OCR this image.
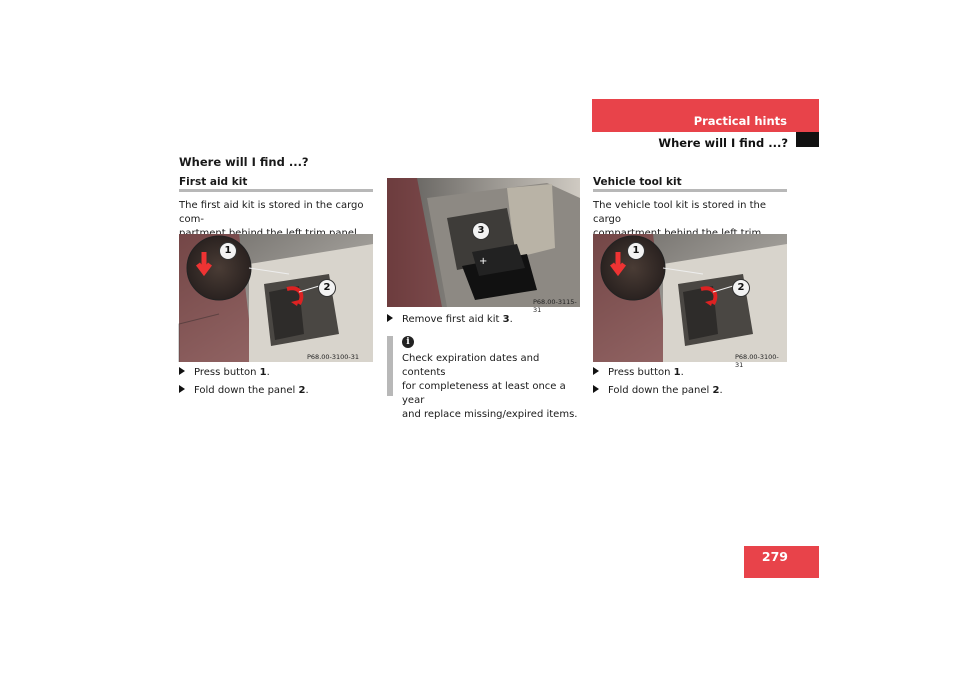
Practical hints
Where will I find ...?
Where will I find ...?
First aid kit
The first aid kit is stored in the cargo com-
1
2
P68.00-3100-31
Press button 1.
Fold down the panel 2.
+
3
P68.00-3115-31
Remove first aid kit 3.
i
Check expiration dates and contents
for completeness at least once a year
and replace missing/expired items.
Vehicle tool kit
The vehicle tool kit is stored in the cargo
1
2
P68.00-3100-31
Press button 1.
Fold down the panel 2.
279
